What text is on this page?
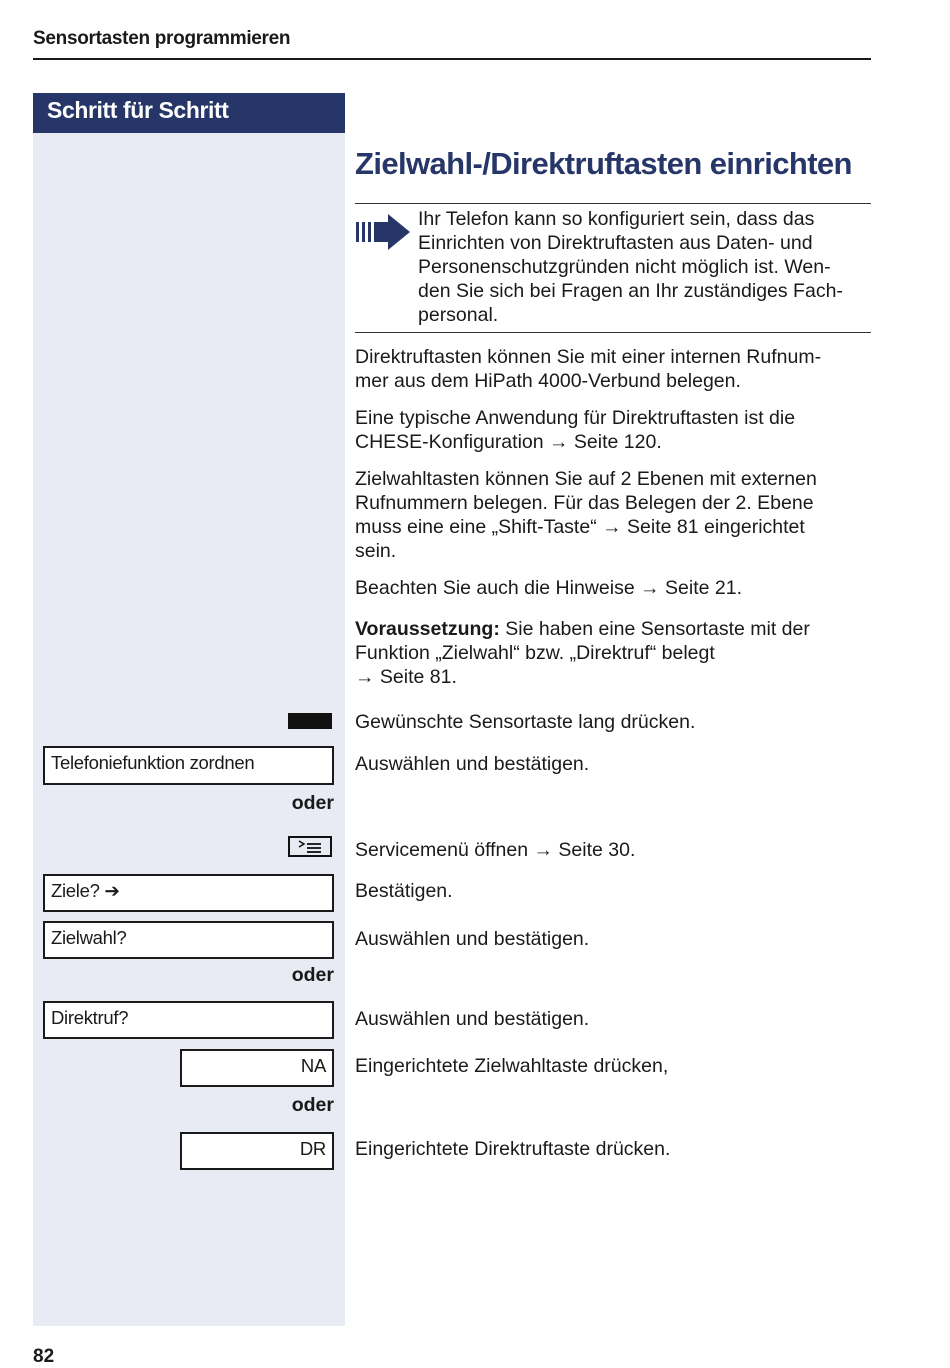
Sensortasten programmieren
Schritt für Schritt
Zielwahl-/Direktruftasten einrichten
Ihr Telefon kann so konfiguriert sein, dass das
Einrichten von Direktruftasten aus Daten- und
Personenschutzgründen nicht möglich ist. Wen-
den Sie sich bei Fragen an Ihr zuständiges Fach-
personal.
Direktruftasten können Sie mit einer internen Rufnum-
mer aus dem HiPath 4000-Verbund belegen.
Eine typische Anwendung für Direktruftasten ist die
CHESE-Konfiguration → Seite 120.
Zielwahltasten können Sie auf 2 Ebenen mit externen
Rufnummern belegen. Für das Belegen der 2. Ebene
muss eine eine „Shift-Taste“ → Seite 81 eingerichtet
sein.
Beachten Sie auch die Hinweise → Seite 21.
Voraussetzung: Sie haben eine Sensortaste mit der
Funktion „Zielwahl“ bzw. „Direktruf“ belegt
→ Seite 81.
Gewünschte Sensortaste lang drücken.
Telefoniefunktion zordnen	Auswählen und bestätigen.
oder
Servicemenü öffnen → Seite 30.
Ziele? ➔	Bestätigen.
Zielwahl?	Auswählen und bestätigen.
oder
Direktruf?	Auswählen und bestätigen.
NA	Eingerichtete Zielwahltaste drücken,
oder
DR	Eingerichtete Direktruftaste drücken.
82
